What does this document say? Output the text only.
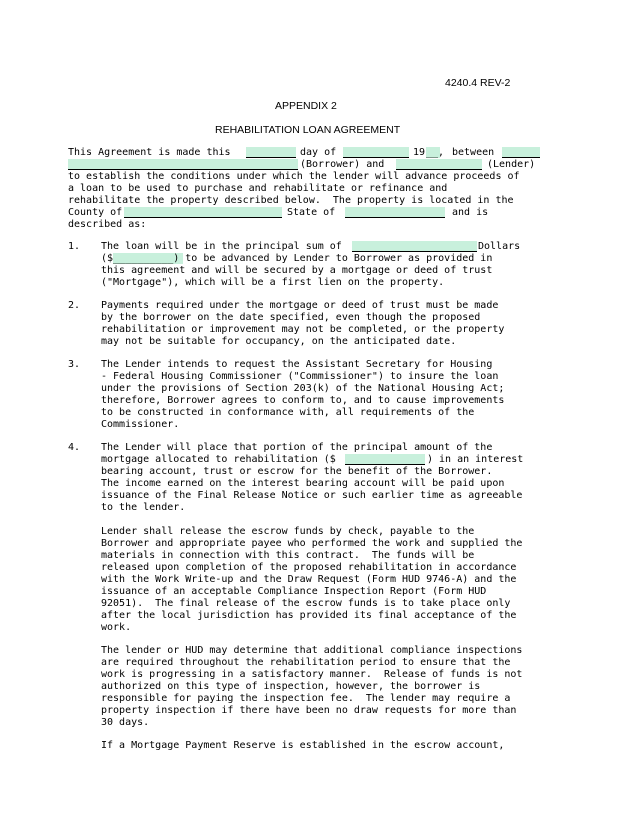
4240.4 REV-2
APPENDIX 2
REHABILITATION LOAN AGREEMENT
This Agreement is made this	day of	19 __, between
(Borrower) and	(Lender)
to establish the conditions under which the lender will advance proceeds of
a loan to be used to purchase and rehabilitate or refinance and
rehabilitate the property described below.  The property is located in the
County of	State of	and is
described as:
1. The loan will be in the principal sum of	Dollars
($__________) to be advanced by Lender to Borrower as provided in
this agreement and will be secured by a mortgage or deed of trust
("Mortgage"), which will be a first lien on the property.
2. Payments required under the mortgage or deed of trust must be made
by the borrower on the date specified, even though the proposed
rehabilitation or improvement may not be completed, or the property
may not be suitable for occupancy, on the anticipated date.
3. The Lender intends to request the Assistant Secretary for Housing
- Federal Housing Commissioner ("Commissioner") to insure the loan
under the provisions of Section 203(k) of the National Housing Act;
therefore, Borrower agrees to conform to, and to cause improvements
to be constructed in conformance with, all requirements of the
Commissioner.
4. The Lender will place that portion of the principal amount of the
mortgage allocated to rehabilitation ($	) in an interest
bearing account, trust or escrow for the benefit of the Borrower.
The income earned on the interest bearing account will be paid upon
issuance of the Final Release Notice or such earlier time as agreeable
to the lender.
Lender shall release the escrow funds by check, payable to the
Borrower and appropriate payee who performed the work and supplied the
materials in connection with this contract.  The funds will be
released upon completion of the proposed rehabilitation in accordance
with the Work Write-up and the Draw Request (Form HUD 9746-A) and the
issuance of an acceptable Compliance Inspection Report (Form HUD
92051).  The final release of the escrow funds is to take place only
after the local jurisdiction has provided its final acceptance of the
work.
The lender or HUD may determine that additional compliance inspections
are required throughout the rehabilitation period to ensure that the
work is progressing in a satisfactory manner.  Release of funds is not
authorized on this type of inspection, however, the borrower is
responsible for paying the inspection fee.  The lender may require a
property inspection if there have been no draw requests for more than
30 days.
If a Mortgage Payment Reserve is established in the escrow account,
